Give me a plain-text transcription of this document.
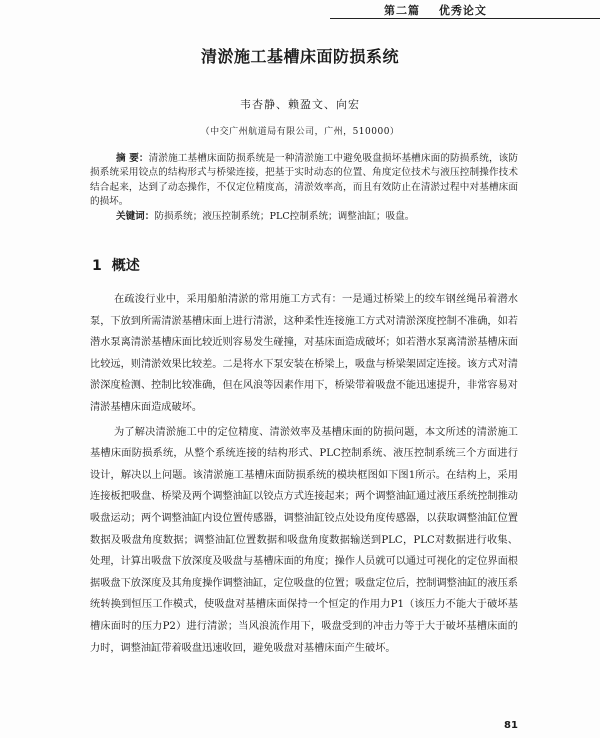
第二篇 优秀论文
清淤施工基槽床面防损系统
韦杏静、赖盈文、向宏
（中交广州航道局有限公司，广州，510000）
摘 要：清淤施工基槽床面防损系统是一种清淤施工中避免吸盘损坏基槽床面的防损系统，该防损系统采用铰点的结构形式与桥梁连接，把基于实时动态的位置、角度定位技术与液压控制操作技术结合起来，达到了动态操作，不仅定位精度高，清淤效率高，而且有效防止在清淤过程中对基槽床面的损坏。
关键词：防损系统；液压控制系统；PLC控制系统；调整油缸；吸盘。
1 概述

在疏浚行业中，采用船舶清淤的常用施工方式有：一是通过桥梁上的绞车钢丝绳吊着潜水泵，下放到所需清淤基槽床面上进行清淤，这种柔性连接施工方式对清淤深度控制不准确，如若潜水泵离清淤基槽床面比较近则容易发生碰撞，对基床面造成破坏；如若潜水泵离清淤基槽床面比较远，则清淤效果比较差。二是将水下泵安装在桥梁上，吸盘与桥梁架固定连接。该方式对清淤深度检测、控制比较准确，但在风浪等因素作用下，桥梁带着吸盘不能迅速提升，非常容易对清淤基槽床面造成破坏。

为了解决清淤施工中的定位精度、清淤效率及基槽床面的防损问题，本文所述的清淤施工基槽床面防损系统，从整个系统连接的结构形式、PLC控制系统、液压控制系统三个方面进行设计，解决以上问题。该清淤施工基槽床面防损系统的模块框图如下图1所示。在结构上，采用连接板把吸盘、桥梁及两个调整油缸以铰点方式连接起来；两个调整油缸通过液压系统控制推动吸盘运动；两个调整油缸内设位置传感器，调整油缸铰点处设角度传感器，以获取调整油缸位置数据及吸盘角度数据；调整油缸位置数据和吸盘角度数据输送到PLC，PLC对数据进行收集、处理，计算出吸盘下放深度及吸盘与基槽床面的角度；操作人员就可以通过可视化的定位界面根据吸盘下放深度及其角度操作调整油缸，定位吸盘的位置；吸盘定位后，控制调整油缸的液压系统转换到恒压工作模式，使吸盘对基槽床面保持一个恒定的作用力P1（该压力不能大于破坏基槽床面时的压力P2）进行清淤；当风浪流作用下，吸盘受到的冲击力等于大于破坏基槽床面的力时，调整油缸带着吸盘迅速收回，避免吸盘对基槽床面产生破坏。

81
